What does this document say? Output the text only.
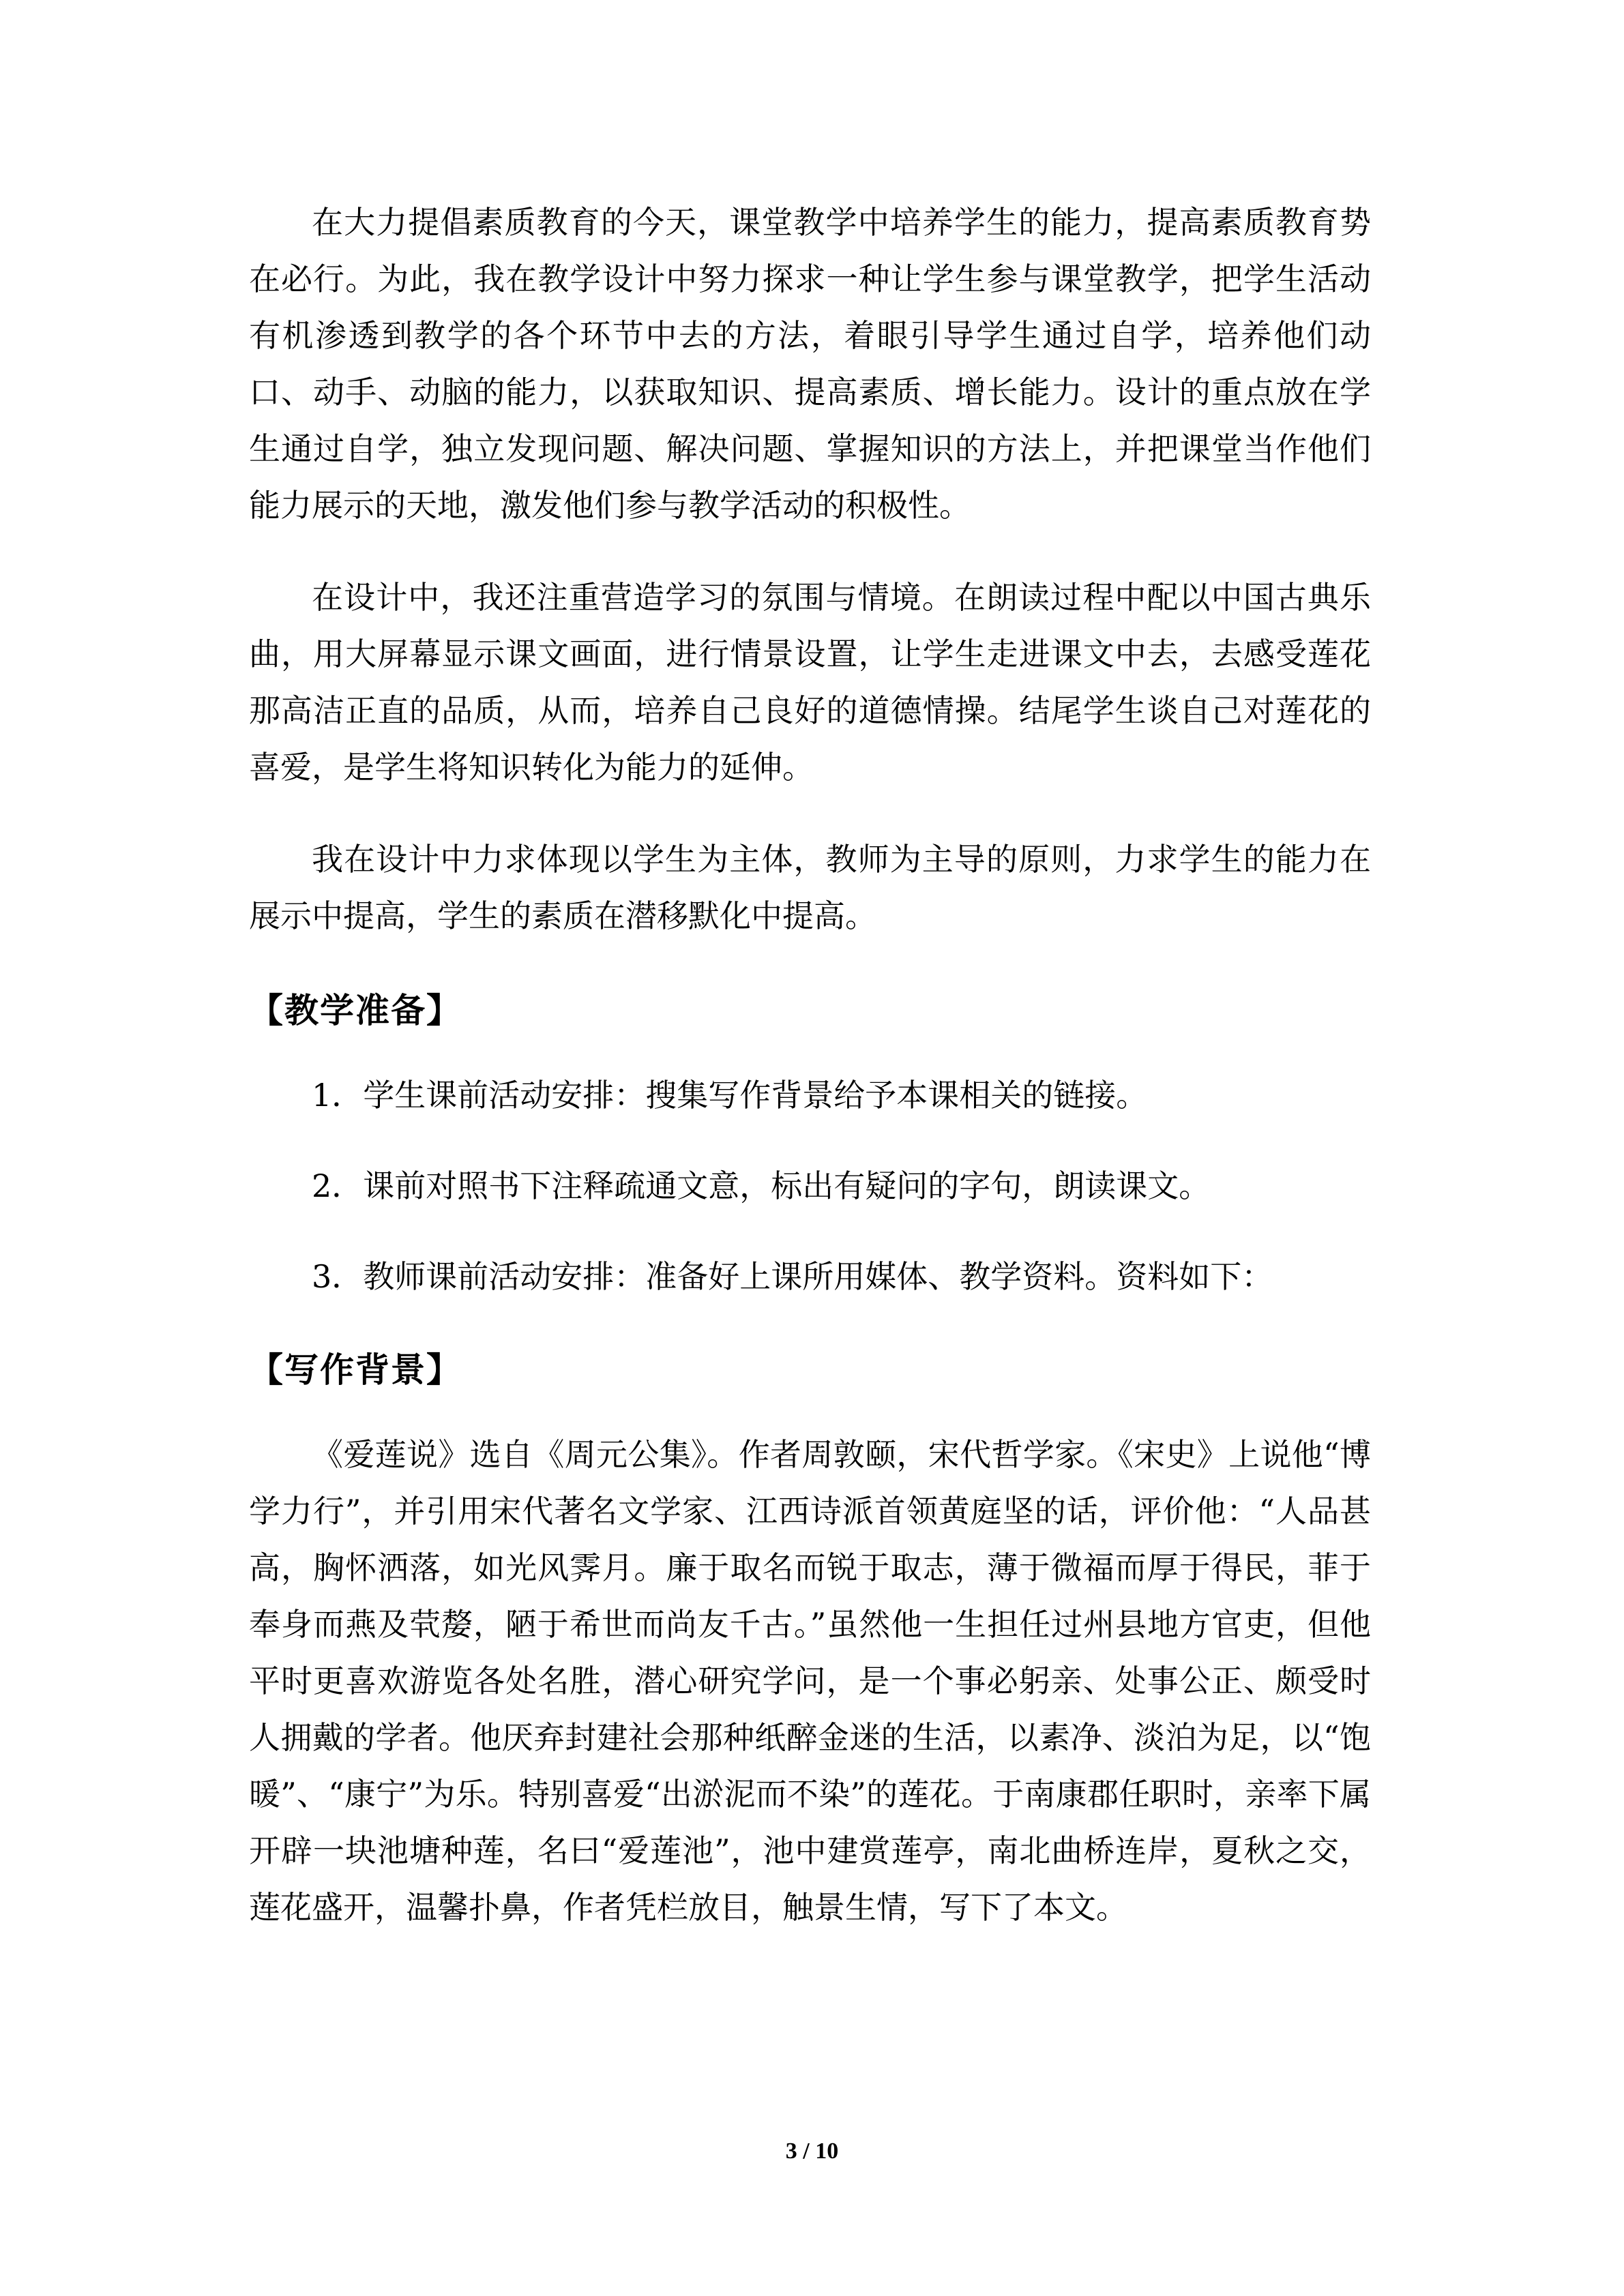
在大力提倡素质教育的今天，课堂教学中培养学生的能力，提高素质教育势在必行。为此，我在教学设计中努力探求一种让学生参与课堂教学，把学生活动有机渗透到教学的各个环节中去的方法，着眼引导学生通过自学，培养他们动口、动手、动脑的能力，以获取知识、提高素质、增长能力。设计的重点放在学生通过自学，独立发现问题、解决问题、掌握知识的方法上，并把课堂当作他们能力展示的天地，激发他们参与教学活动的积极性。

在设计中，我还注重营造学习的氛围与情境。在朗读过程中配以中国古典乐曲，用大屏幕显示课文画面，进行情景设置，让学生走进课文中去，去感受莲花那高洁正直的品质，从而，培养自己良好的道德情操。结尾学生谈自己对莲花的喜爱，是学生将知识转化为能力的延伸。

我在设计中力求体现以学生为主体，教师为主导的原则，力求学生的能力在展示中提高，学生的素质在潜移默化中提高。

【教学准备】
1．学生课前活动安排：搜集写作背景给予本课相关的链接。
2．课前对照书下注释疏通文意，标出有疑问的字句，朗读课文。
3．教师课前活动安排：准备好上课所用媒体、教学资料。资料如下：
【写作背景】

《爱莲说》选自《周元公集》。作者周敦颐，宋代哲学家。《宋史》上说他“博学力行”，并引用宋代著名文学家、江西诗派首领黄庭坚的话，评价他：“人品甚高，胸怀洒落，如光风霁月。廉于取名而锐于取志，薄于微福而厚于得民，菲于奉身而燕及茕嫠，陋于希世而尚友千古。”虽然他一生担任过州县地方官吏，但他平时更喜欢游览各处名胜，潜心研究学问，是一个事必躬亲、处事公正、颇受时人拥戴的学者。他厌弃封建社会那种纸醉金迷的生活，以素净、淡泊为足，以“饱暖”、“康宁”为乐。特别喜爱“出淤泥而不染”的莲花。于南康郡任职时，亲率下属开辟一块池塘种莲，名曰“爱莲池”，池中建赏莲亭，南北曲桥连岸，夏秋之交，莲花盛开，温馨扑鼻，作者凭栏放目，触景生情，写下了本文。

3 / 10
